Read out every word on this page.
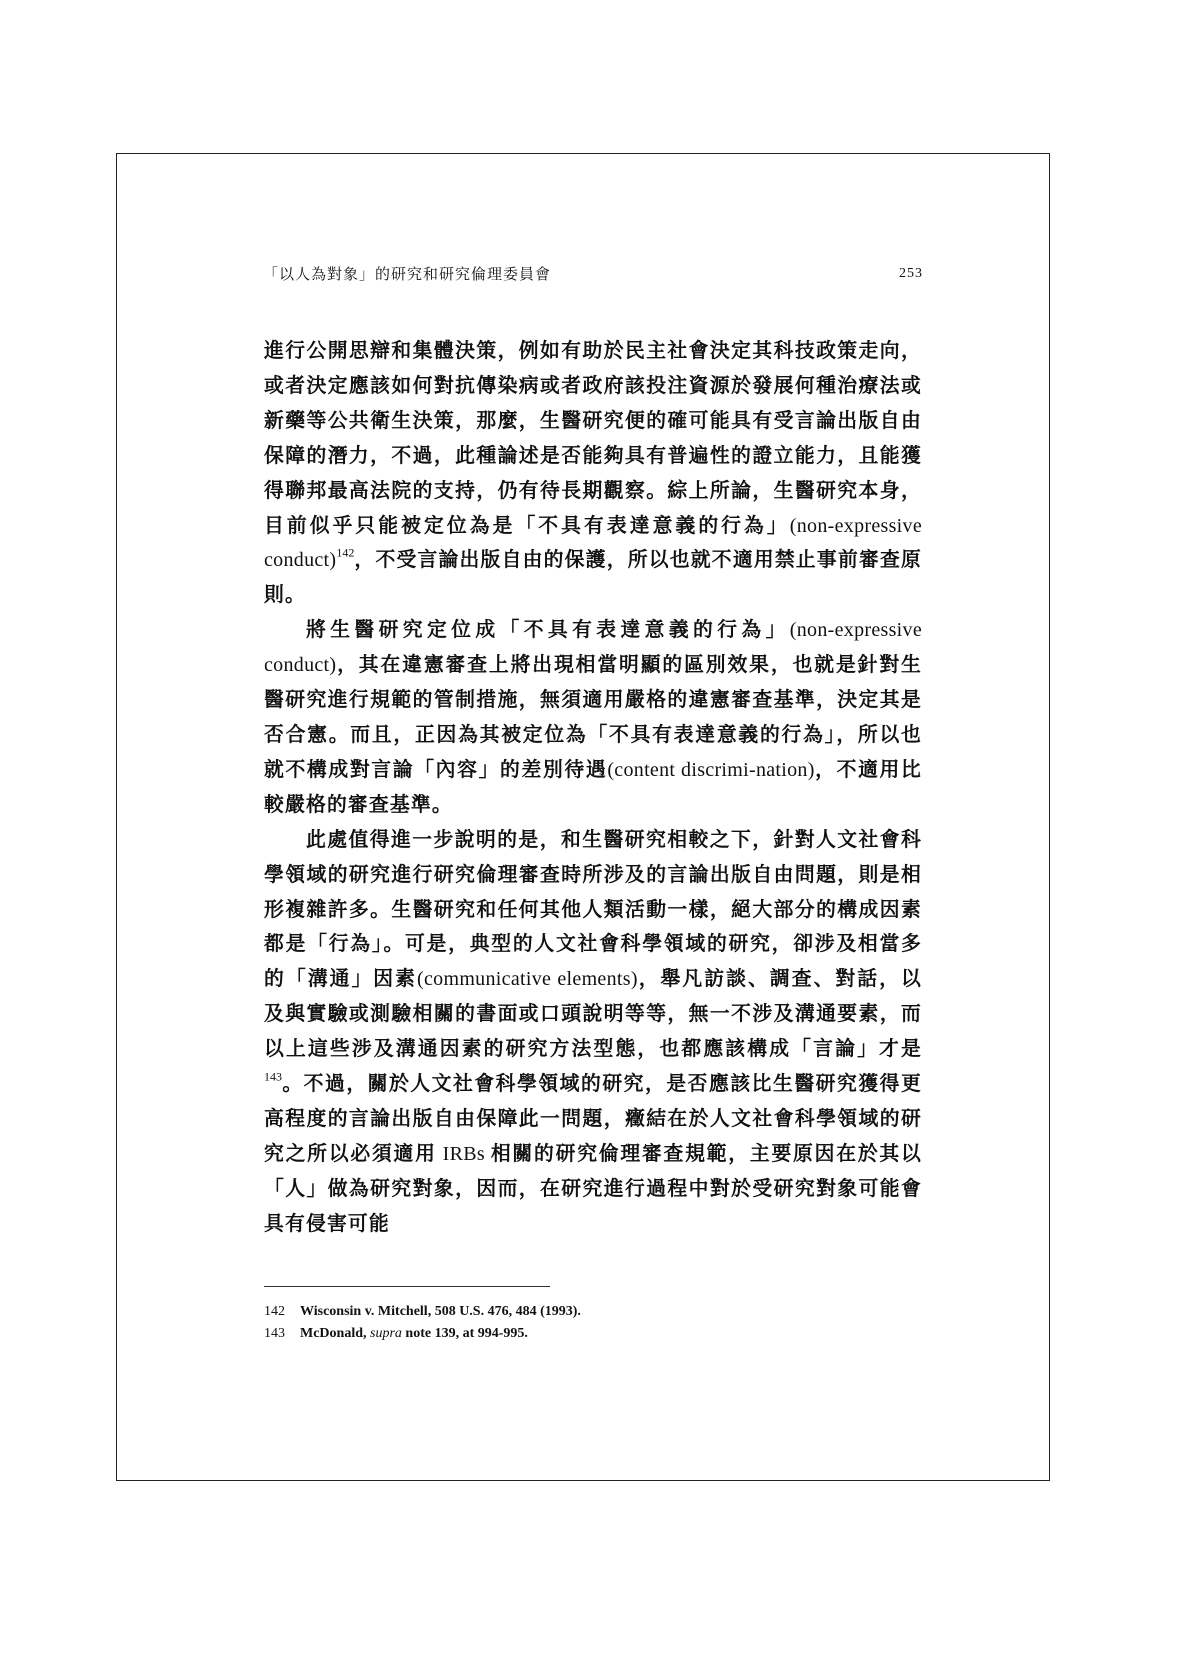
「以人為對象」的研究和研究倫理委員會	253

進行公開思辯和集體決策，例如有助於民主社會決定其科技政策走向，或者決定應該如何對抗傳染病或者政府該投注資源於發展何種治療法或新藥等公共衛生決策，那麼，生醫研究便的確可能具有受言論出版自由保障的潛力，不過，此種論述是否能夠具有普遍性的證立能力，且能獲得聯邦最高法院的支持，仍有待長期觀察。綜上所論，生醫研究本身，目前似乎只能被定位為是「不具有表達意義的行為」(non-expressive conduct)$^{142}$，不受言論出版自由的保護，所以也就不適用禁止事前審查原則。

將生醫研究定位成「不具有表達意義的行為」(non-expressive conduct)，其在違憲審查上將出現相當明顯的區別效果，也就是針對生醫研究進行規範的管制措施，無須適用嚴格的違憲審查基準，決定其是否合憲。而且，正因為其被定位為「不具有表達意義的行為」，所以也就不構成對言論「內容」的差別待遇(content discrimi-nation)，不適用比較嚴格的審查基準。

此處值得進一步說明的是，和生醫研究相較之下，針對人文社會科學領域的研究進行研究倫理審查時所涉及的言論出版自由問題，則是相形複雜許多。生醫研究和任何其他人類活動一樣，絕大部分的構成因素都是「行為」。可是，典型的人文社會科學領域的研究，卻涉及相當多的「溝通」因素(communicative elements)，舉凡訪談、調查、對話，以及與實驗或測驗相關的書面或口頭說明等等，無一不涉及溝通要素，而以上這些涉及溝通因素的研究方法型態，也都應該構成「言論」才是$^{143}$。不過，關於人文社會科學領域的研究，是否應該比生醫研究獲得更高程度的言論出版自由保障此一問題，癥結在於人文社會科學領域的研究之所以必須適用 IRBs 相關的研究倫理審查規範，主要原因在於其以「人」做為研究對象，因而，在研究進行過程中對於受研究對象可能會具有侵害可能

142 Wisconsin v. Mitchell, 508 U.S. 476, 484 (1993).
143 McDonald, supra note 139, at 994-995.
